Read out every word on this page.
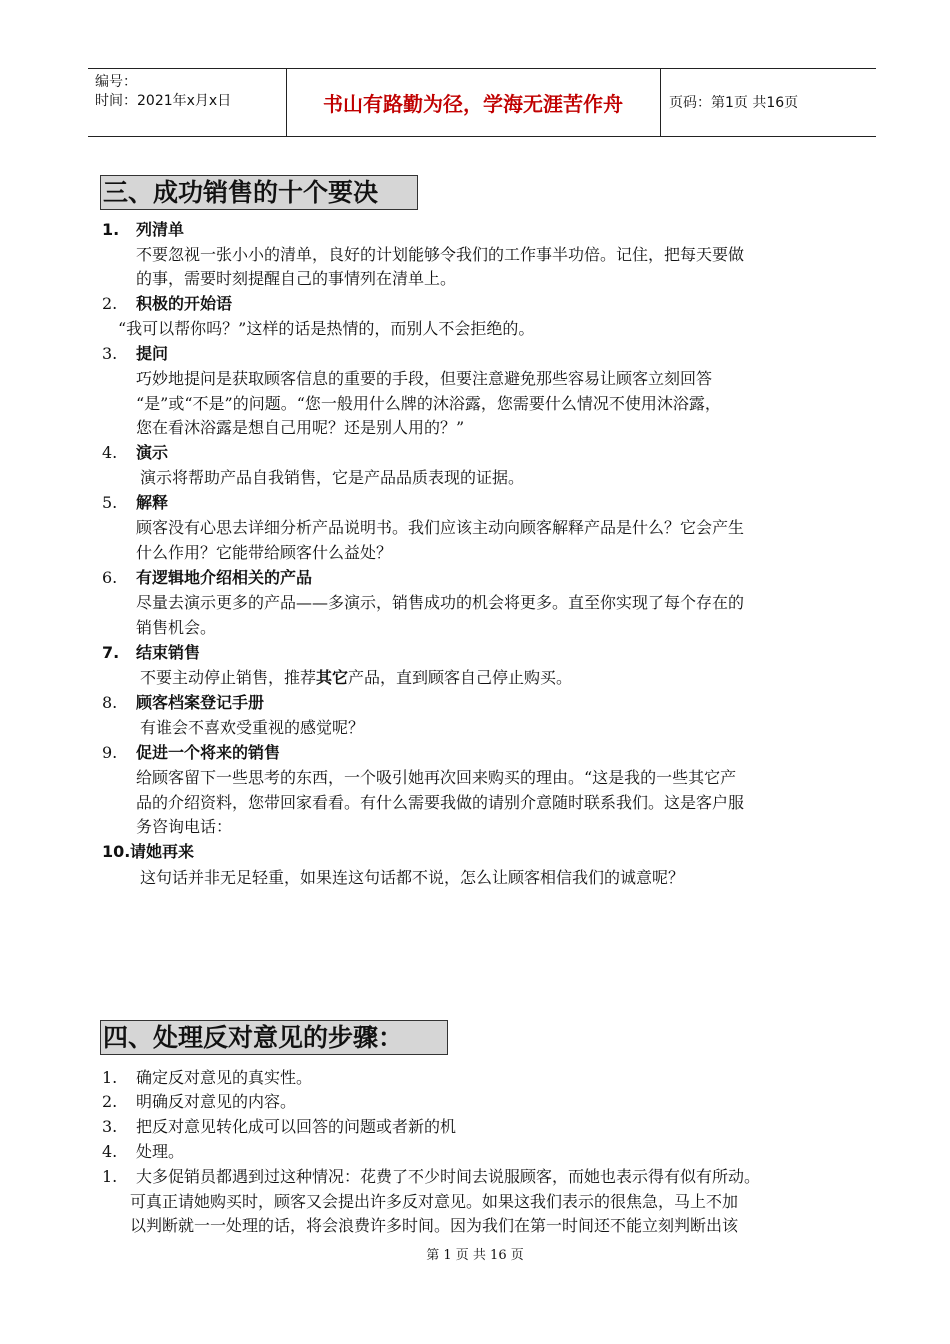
编号：
时间：2021年x月x日	书山有路勤为径，学海无涯苦作舟	页码：第1页 共16页
三、成功销售的十个要决
1. 列清单
不要忽视一张小小的清单，良好的计划能够令我们的工作事半功倍。记住，把每天要做
的事，需要时刻提醒自己的事情列在清单上。
2. 积极的开始语
“我可以帮你吗？”这样的话是热情的，而别人不会拒绝的。
3. 提问
巧妙地提问是获取顾客信息的重要的手段，但要注意避免那些容易让顾客立刻回答
“是”或“不是”的问题。“您一般用什么牌的沐浴露，您需要什么情况不使用沐浴露，
您在看沐浴露是想自己用呢？还是别人用的？”
4. 演示
演示将帮助产品自我销售，它是产品品质表现的证据。
5. 解释
顾客没有心思去详细分析产品说明书。我们应该主动向顾客解释产品是什么？它会产生
什么作用？它能带给顾客什么益处？
6. 有逻辑地介绍相关的产品
尽量去演示更多的产品——多演示，销售成功的机会将更多。直至你实现了每个存在的
销售机会。
7. 结束销售
不要主动停止销售，推荐其它产品，直到顾客自己停止购买。
8. 顾客档案登记手册
有谁会不喜欢受重视的感觉呢？
9. 促进一个将来的销售
给顾客留下一些思考的东西，一个吸引她再次回来购买的理由。“这是我的一些其它产
品的介绍资料，您带回家看看。有什么需要我做的请别介意随时联系我们。这是客户服
务咨询电话：
10. 请她再来
这句话并非无足轻重，如果连这句话都不说，怎么让顾客相信我们的诚意呢？
四、处理反对意见的步骤：
1. 确定反对意见的真实性。
2. 明确反对意见的内容。
3. 把反对意见转化成可以回答的问题或者新的机
4. 处理。
1. 大多促销员都遇到过这种情况：花费了不少时间去说服顾客，而她也表示得有似有所动。
可真正请她购买时，顾客又会提出许多反对意见。如果这我们表示的很焦急，马上不加
以判断就一一处理的话，将会浪费许多时间。因为我们在第一时间还不能立刻判断出该
第 1 页 共 16 页
